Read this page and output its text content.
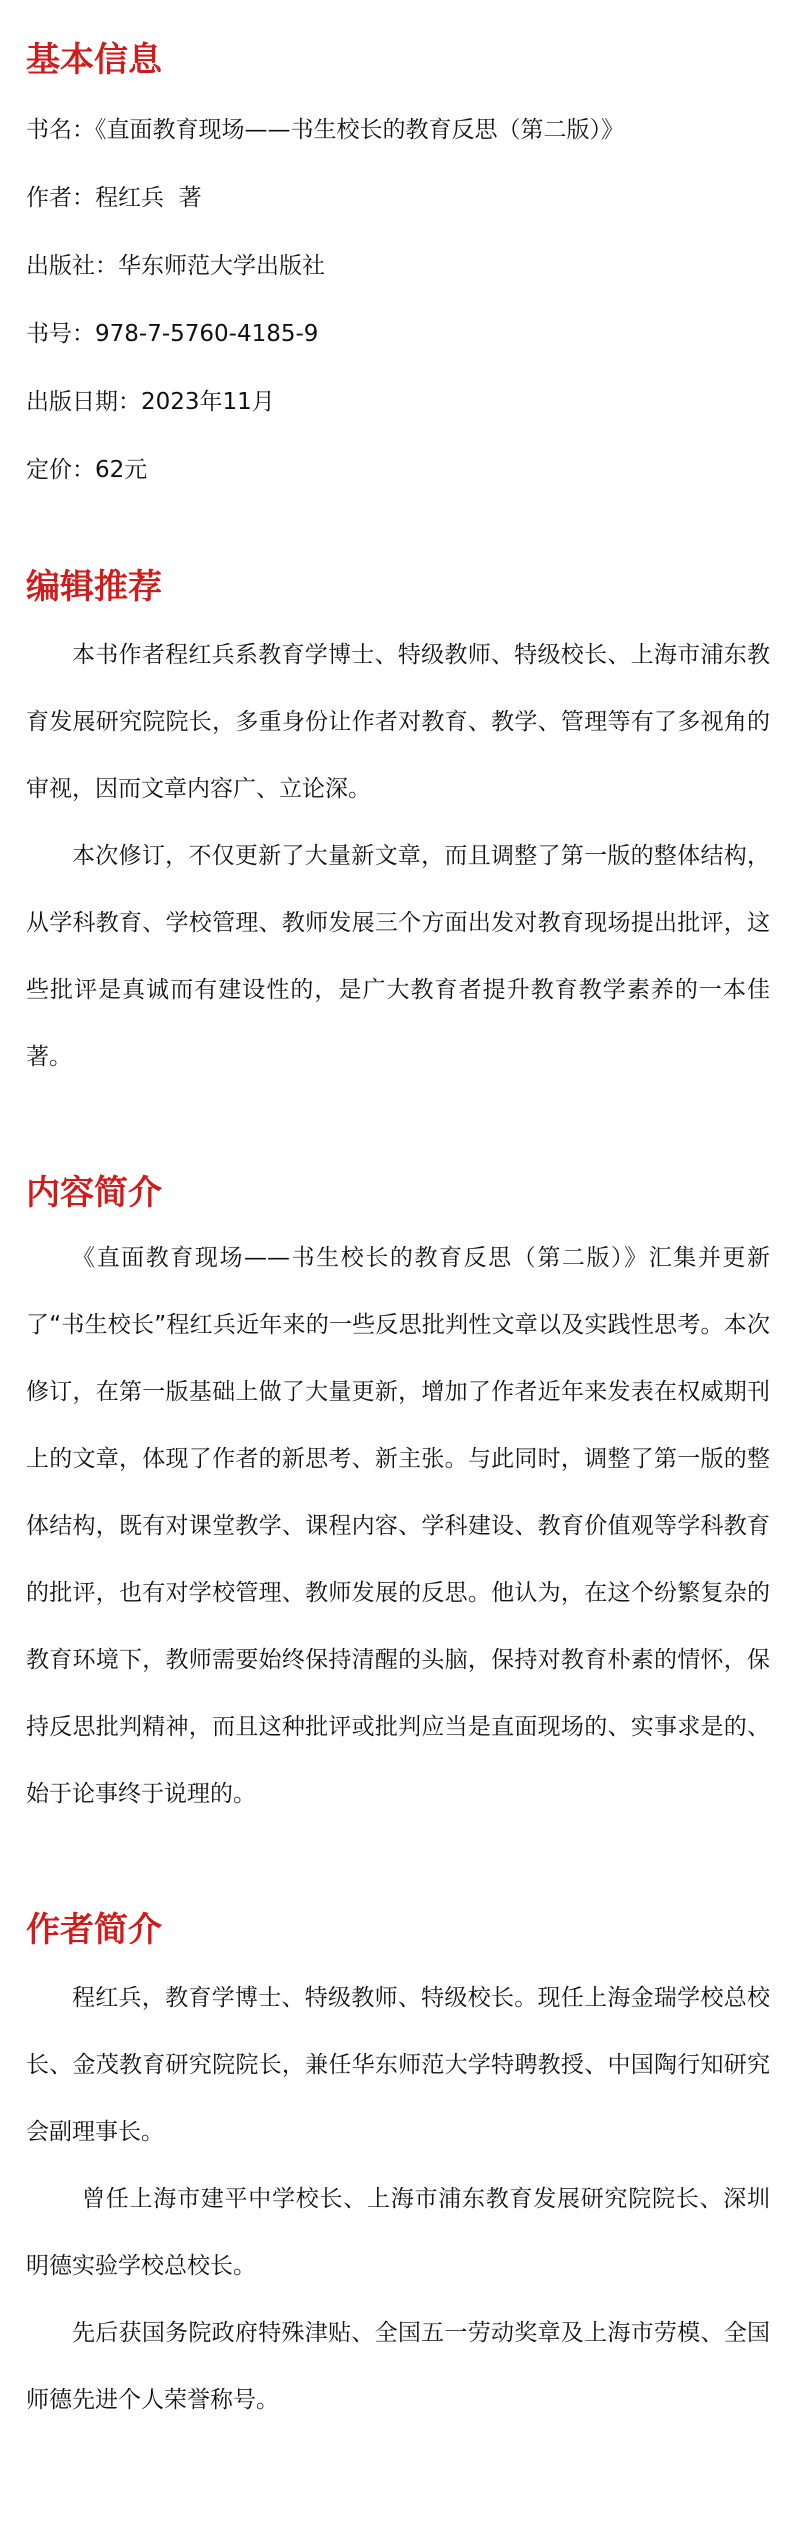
基本信息

书名：《直面教育现场——书生校长的教育反思（第二版）》

作者：程红兵  著

出版社：华东师范大学出版社

书号：978-7-5760-4185-9

出版日期：2023年11月

定价：62元

编辑推荐

本书作者程红兵系教育学博士、特级教师、特级校长、上海市浦东教育发展研究院院长，多重身份让作者对教育、教学、管理等有了多视角的审视，因而文章内容广、立论深。

本次修订，不仅更新了大量新文章，而且调整了第一版的整体结构，从学科教育、学校管理、教师发展三个方面出发对教育现场提出批评，这些批评是真诚而有建设性的，是广大教育者提升教育教学素养的一本佳著。

内容简介

《直面教育现场——书生校长的教育反思（第二版）》汇集并更新了“书生校长”程红兵近年来的一些反思批判性文章以及实践性思考。本次修订，在第一版基础上做了大量更新，增加了作者近年来发表在权威期刊上的文章，体现了作者的新思考、新主张。与此同时，调整了第一版的整体结构，既有对课堂教学、课程内容、学科建设、教育价值观等学科教育的批评，也有对学校管理、教师发展的反思。他认为，在这个纷繁复杂的教育环境下，教师需要始终保持清醒的头脑，保持对教育朴素的情怀，保持反思批判精神，而且这种批评或批判应当是直面现场的、实事求是的、始于论事终于说理的。

作者简介

程红兵，教育学博士、特级教师、特级校长。现任上海金瑞学校总校长、金茂教育研究院院长，兼任华东师范大学特聘教授、中国陶行知研究会副理事长。

曾任上海市建平中学校长、上海市浦东教育发展研究院院长、深圳明德实验学校总校长。

先后获国务院政府特殊津贴、全国五一劳动奖章及上海市劳模、全国师德先进个人荣誉称号。
